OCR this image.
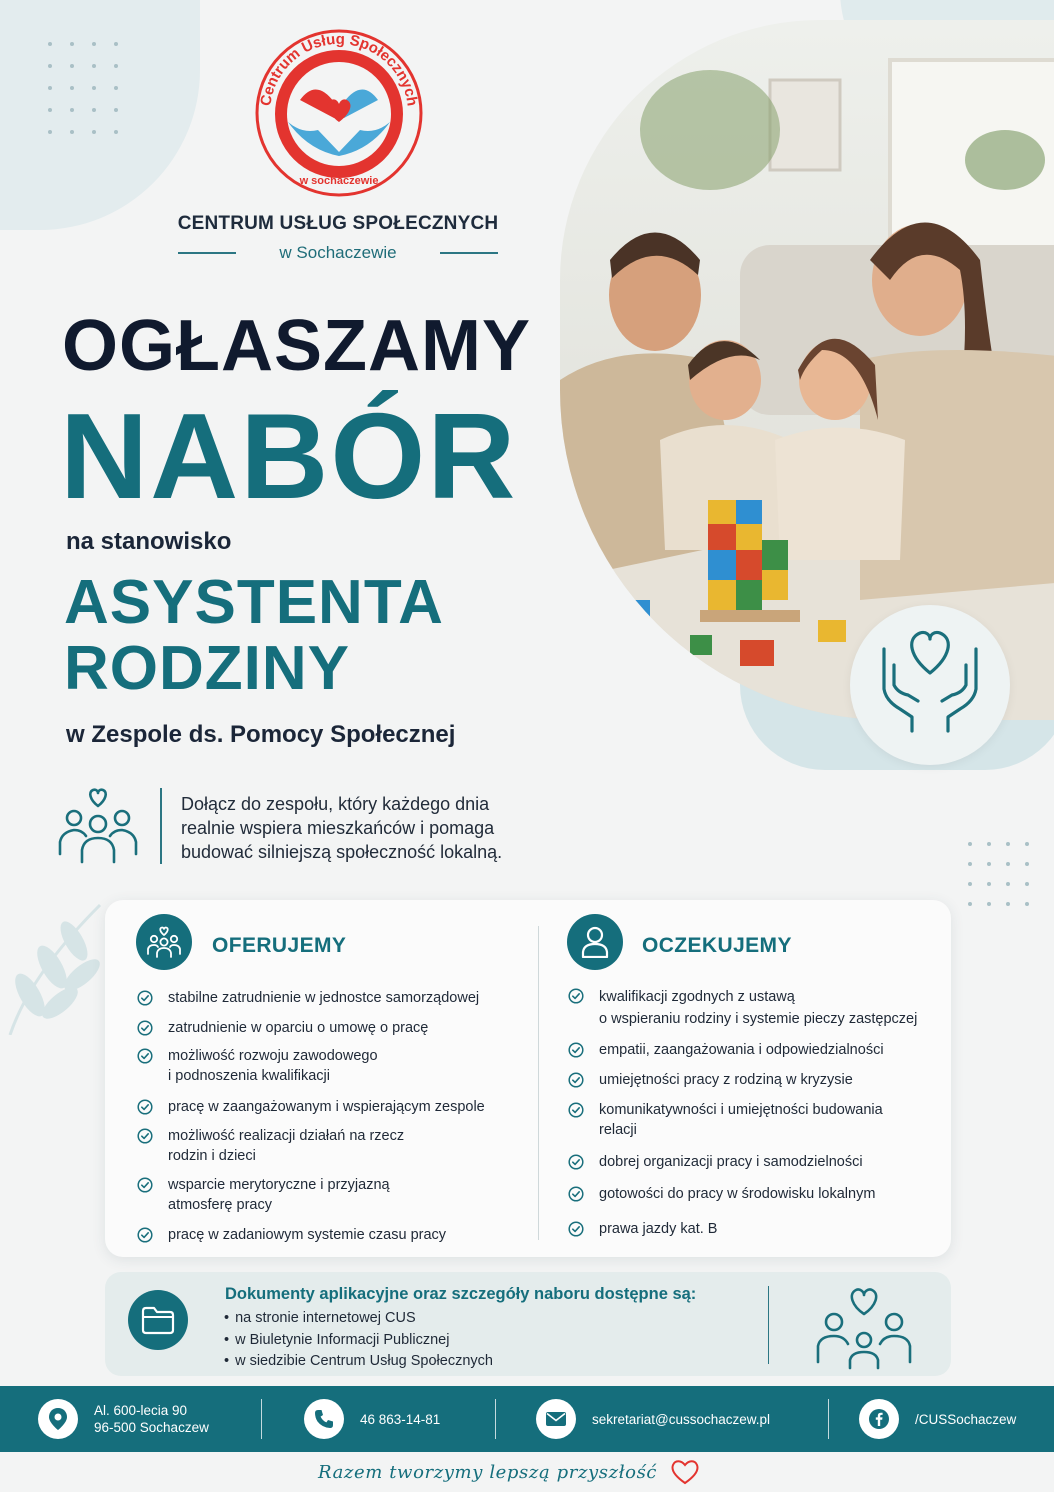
Centrum Usług Społecznych
w sochaczewie
CENTRUM USŁUG SPOŁECZNYCH
w Sochaczewie
OGŁASZAMY
NABÓR
na stanowisko
ASYSTENTA
RODZINY
w Zespole ds. Pomocy Społecznej
Dołącz do zespołu, który każdego dnia
realnie wspiera mieszkańców i pomaga
budować silniejszą społeczność lokalną.
OFERUJEMY	OCZEKUJEMY
stabilne zatrudnienie w jednostce samorządowej
zatrudnienie w oparciu o umowę o pracę
możliwość rozwoju zawodowego
i podnoszenia kwalifikacji
pracę w zaangażowanym i wspierającym zespole
możliwość realizacji działań na rzecz
rodzin i dzieci
wsparcie merytoryczne i przyjazną
atmosferę pracy
pracę w zadaniowym systemie czasu pracy
kwalifikacji zgodnych z ustawą
o wspieraniu rodziny i systemie pieczy zastępczej
empatii, zaangażowania i odpowiedzialności
umiejętności pracy z rodziną w kryzysie
komunikatywności i umiejętności budowania
relacji
dobrej organizacji pracy i samodzielności
gotowości do pracy w środowisku lokalnym
prawa jazdy kat. B
Dokumenty aplikacyjne oraz szczegóły naboru dostępne są:
• na stronie internetowej CUS
• w Biuletynie Informacji Publicznej
• w siedzibie Centrum Usług Społecznych
Al. 600-lecia 90
96-500 Sochaczew
46 863-14-81	sekretariat@cussochaczew.pl	/CUSSochaczew
Razem tworzymy lepszą przyszłość
